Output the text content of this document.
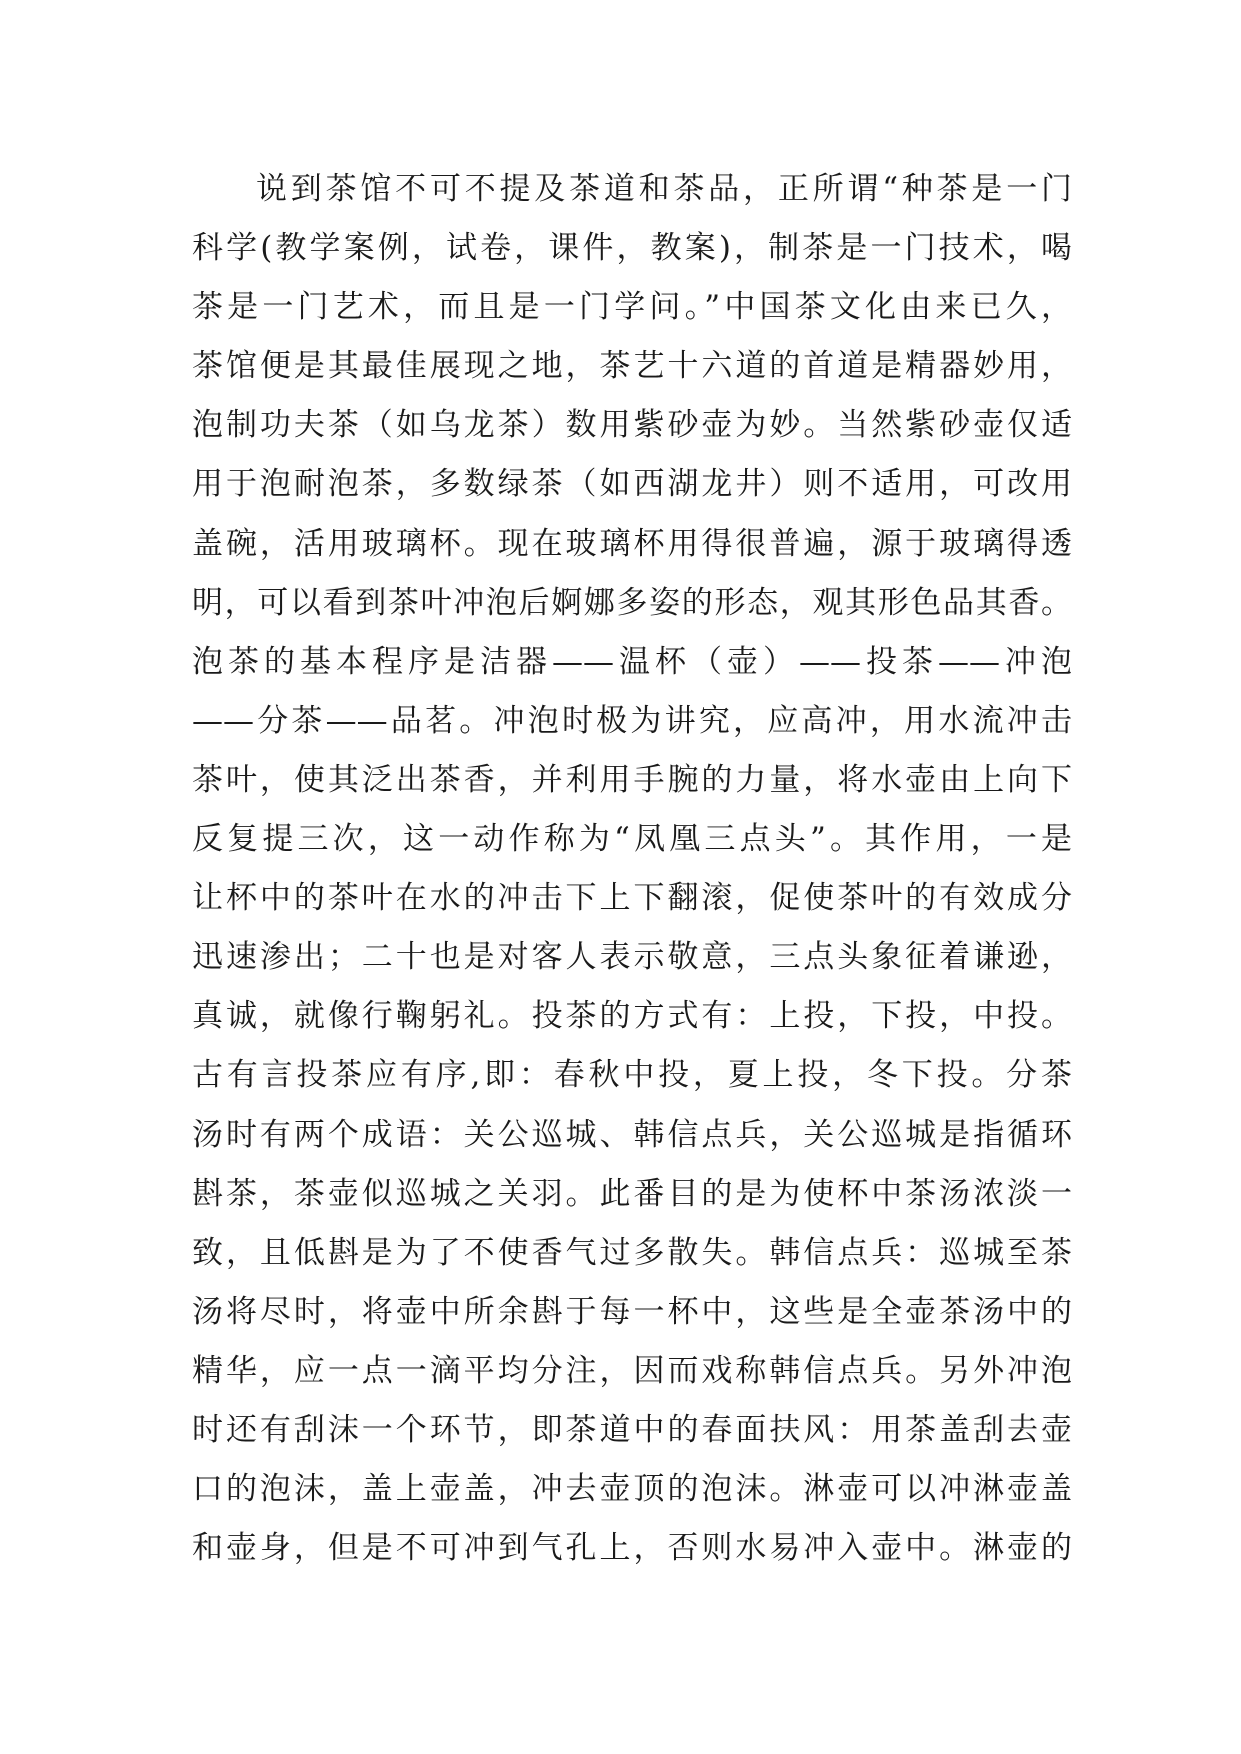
说到茶馆不可不提及茶道和茶品，正所谓“种茶是一门
科学(教学案例，试卷，课件，教案)，制茶是一门技术，喝
茶是一门艺术，而且是一门学问。”中国茶文化由来已久，
茶馆便是其最佳展现之地，茶艺十六道的首道是精器妙用，
泡制功夫茶（如乌龙茶）数用紫砂壶为妙。当然紫砂壶仅适
用于泡耐泡茶，多数绿茶（如西湖龙井）则不适用，可改用
盖碗，活用玻璃杯。现在玻璃杯用得很普遍，源于玻璃得透
明，可以看到茶叶冲泡后婀娜多姿的形态，观其形色品其香。
泡茶的基本程序是洁器——温杯（壶）——投茶——冲泡
——分茶——品茗。冲泡时极为讲究，应高冲，用水流冲击
茶叶，使其泛出茶香，并利用手腕的力量，将水壶由上向下
反复提三次，这一动作称为“凤凰三点头”。其作用，一是
让杯中的茶叶在水的冲击下上下翻滚，促使茶叶的有效成分
迅速渗出；二十也是对客人表示敬意，三点头象征着谦逊，
真诚，就像行鞠躬礼。投茶的方式有：上投，下投，中投。
古有言投茶应有序,即：春秋中投，夏上投，冬下投。分茶
汤时有两个成语：关公巡城、韩信点兵，关公巡城是指循环
斟茶，茶壶似巡城之关羽。此番目的是为使杯中茶汤浓淡一
致，且低斟是为了不使香气过多散失。韩信点兵：巡城至茶
汤将尽时，将壶中所余斟于每一杯中，这些是全壶茶汤中的
精华，应一点一滴平均分注，因而戏称韩信点兵。另外冲泡
时还有刮沫一个环节，即茶道中的春面扶风：用茶盖刮去壶
口的泡沫，盖上壶盖，冲去壶顶的泡沫。淋壶可以冲淋壶盖
和壶身，但是不可冲到气孔上，否则水易冲入壶中。淋壶的
